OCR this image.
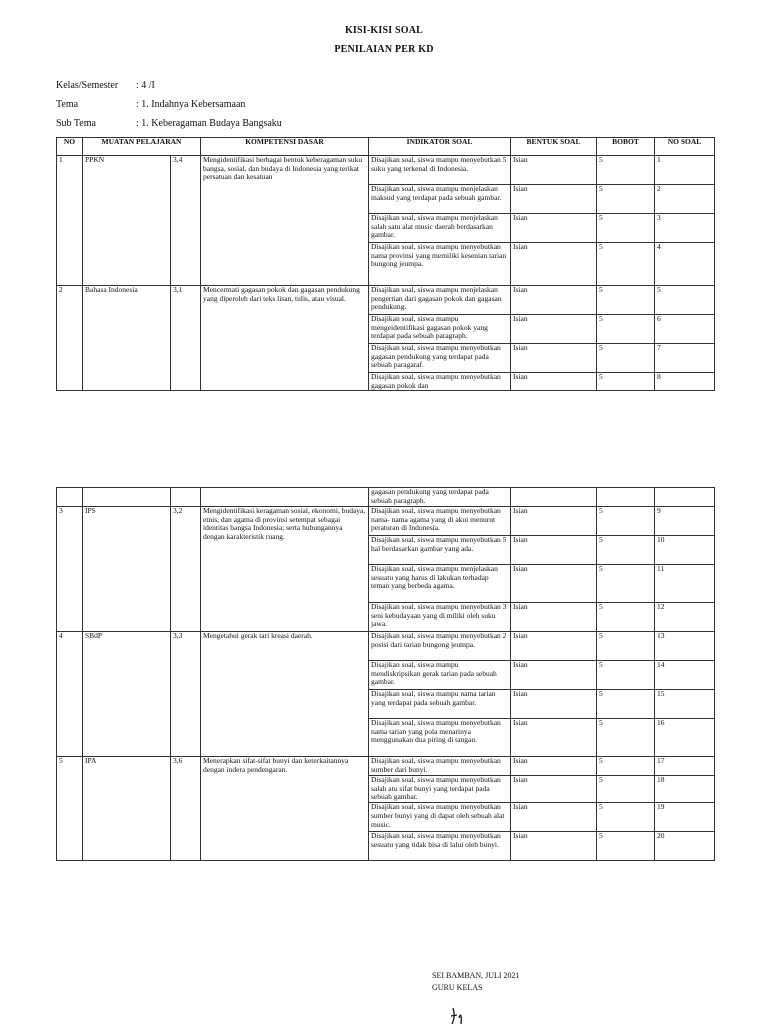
KISI-KISI SOAL
PENILAIAN PER KD
Kelas/Semester : 4 /I
Tema	: 1. Indahnya Kebersamaan
Sub Tema	: 1. Keberagaman Budaya Bangsaku
NO	MUATAN PELAJARAN		KOMPETENSI DASAR	INDIKATOR SOAL	BENTUK SOAL	BOBOT	NO SOAL
1	PPKN	3,4	Mengidentifikasi berbagai bentuk keberagaman suku bangsa, sosial, dan budaya di Indonesia yang terikat persatuan dan kesatuan	Disajikan soal, siswa mampu menyebutkan 5 suku yang terkenal di Indonesia.	Isian	5	1
				Disajikan soal, siswa mampu menjelaskan maksud yang terdapat pada sebuah gambar.	Isian	5	2
				Disajikan soal, siswa mampu menjelaskan salah satu alat music daerah berdasarkan gambar.	Isian	5	3
				Disajikan soal, siswa mampu menyebutkan nama provinsi yang memiliki kesenian tarian bungong jeumpa.	Isian	5	4
2	Bahasa Indonesia	3,1	Mencermati gagasan pokok dan gagasan pendukung yang diperoleh dari teks lisan, tulis, atau visual.	Disajikan soal, siswa mampu menjelaskan pengertian dari gagasan pokok dan gagasan pendukung.	Isian	5	5
				Disajikan soal, siswa mampu mengeidentifikasi gagasan pokok yang terdapat pada sebuah paragraph.	Isian	5	6
				Disajikan soal, siswa mampu menyebutkan gagasan pendukung yang terdapat pada sebuah paragaraf.	Isian	5	7
				Disajikan soal, siswa mampu menyebutkan gagasan pokok dan	Isian	5	8
				gagasan pendukung yang terdapat pada sebuah paragraph.			
3	IPS	3,2	Mengidentifikasi keragaman sosial, ekonomi, budaya, etnis, dan agama di provinsi setempat sebagai identitas bangsa Indonesia; serta hubungannya dengan karakteristik ruang.	Disajikan soal, siswa mampu menyebutkan nama- nama agama yang di akui menurut peraturan di Indonesia.	Isian	5	9
				Disajikan soal, siswa mampu menyebutkan 5 hal berdasarkan gambar yang ada.	Isian	5	10
				Disajikan soal, siswa mampu menjelaskan sesuatu yang harus di lakukan terhadap teman yang berbeda agama.	Isian	5	11
				Disajikan soal, siswa mampu menyebutkan 3 seni kebudayaan yang di miliki oleh suku jawa.	Isian	5	12
4	SBdP	3,3	Mengetahui gerak tari kreasi daerah.	Disajikan soal, siswa mampu menyebutkan 2 posisi dari tarian bungong jeumpa.	Isian	5	13
				Disajikan soal, siswa mampu mendiskripsikan gerak tarian pada sebuah gambar.	Isian	5	14
				Disajikan soal, siswa mampu nama tarian yang terdapat pada sebuah gambar.	Isian	5	15
				Disajikan soal, siswa mampu menyebutkan nama tarian yang pola menarinya menggunakan dua piring di tangan.	Isian	5	16
5	IPA	3,6	Menerapkan sifat-sifat bunyi dan keterkaitannya dengan indera pendengaran.	Disajikan soal, siswa mampu menyebutkan sumber dari bunyi.	Isian	5	17
				Disajikan soal, siswa mampu menyebutkan salah atu sifat bunyi yang terdapat pada sebuah gambar.	Isian	5	18
				Disajikan soal, siswa mampu menyebutkan sumber bunyi yang di dapat oleh sebuah alat music.	Isian	5	19
				Disajikan soal, siswa mampu menyebutkan sesuatu yang tidak bisa di lalui oleh bunyi.	Isian	5	20
SEI BAMBAN, JULI 2021
GURU KELAS
